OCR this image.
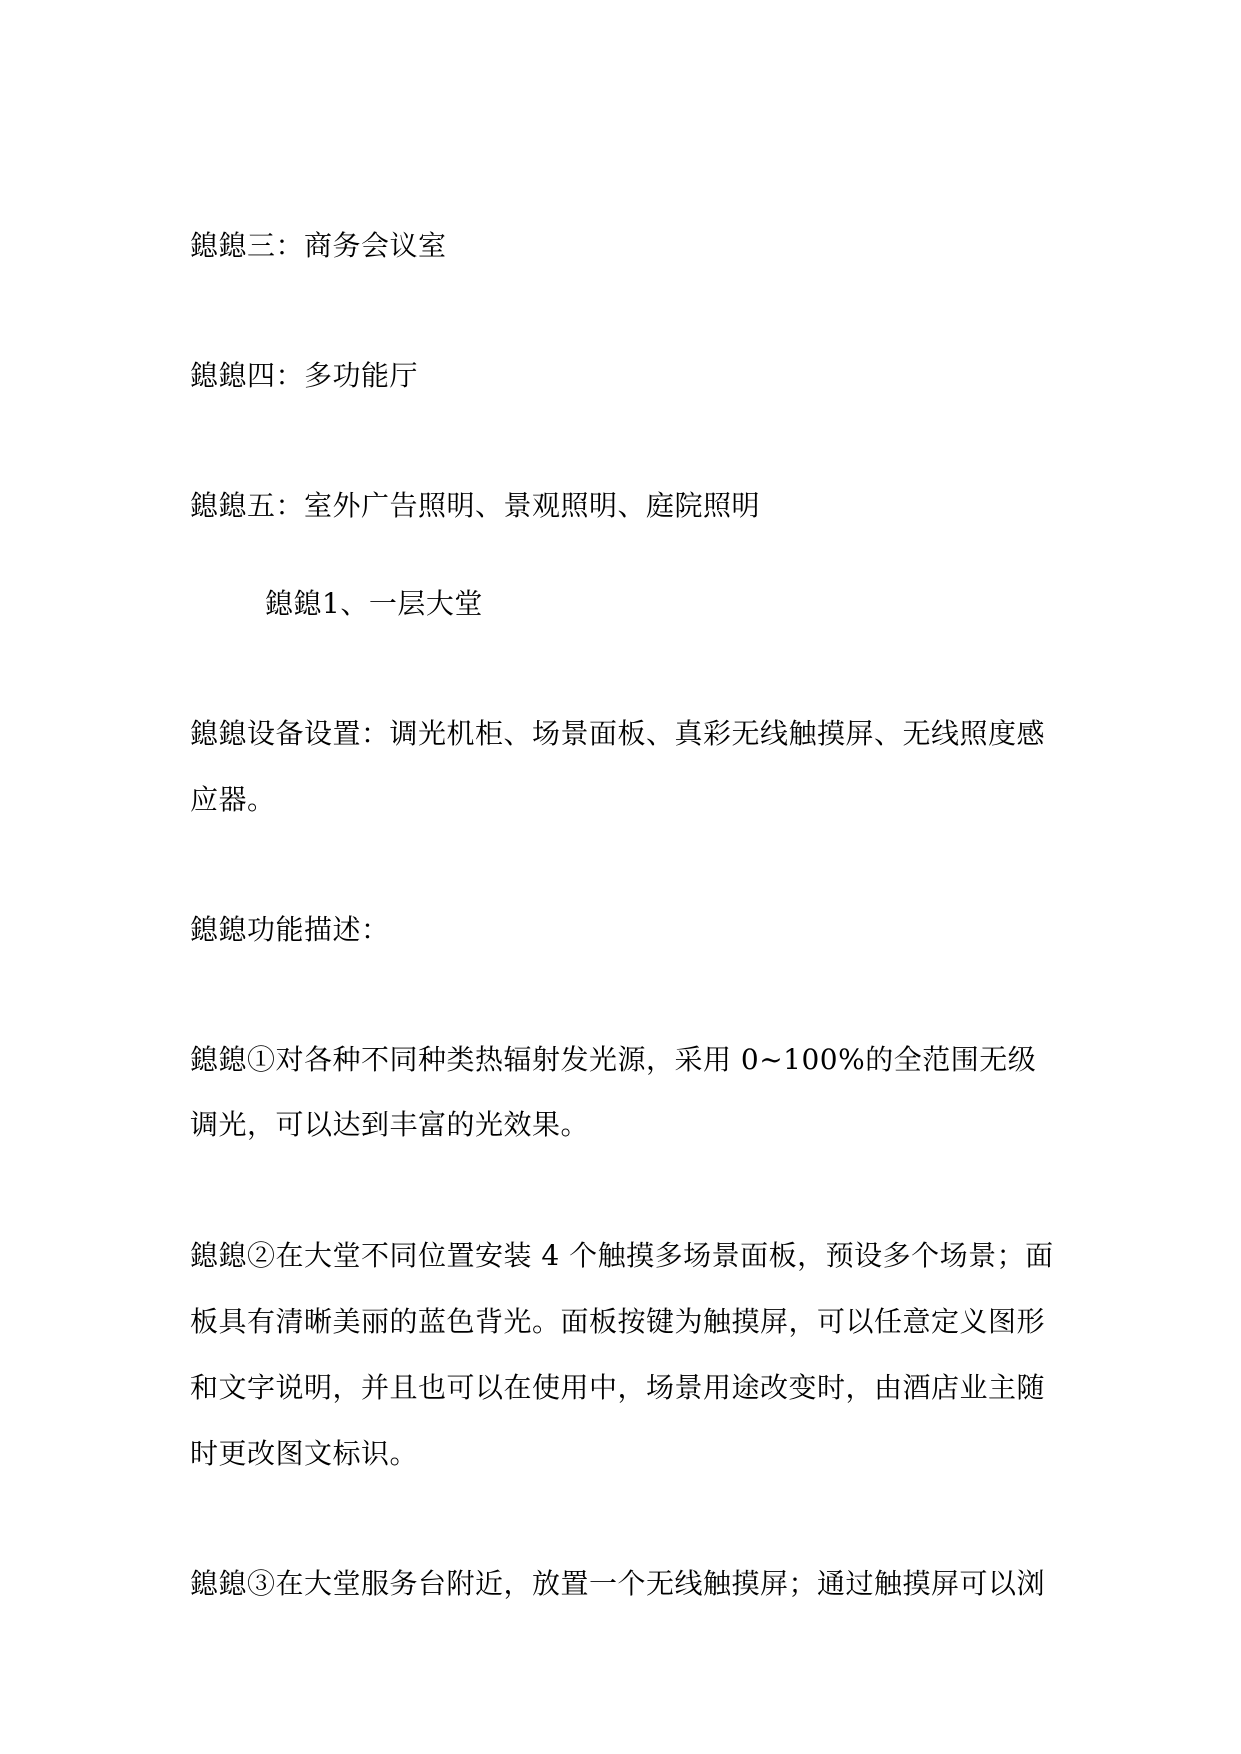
鎴鎴三：商务会议室

鎴鎴四：多功能厅

鎴鎴五：室外广告照明、景观照明、庭院照明

鎴鎴1、一层大堂

鎴鎴设备设置：调光机柜、场景面板、真彩无线触摸屏、无线照度感

应器。

鎴鎴功能描述：

鎴鎴①对各种不同种类热辐射发光源，采用 0~100%的全范围无级

调光，可以达到丰富的光效果。

鎴鎴②在大堂不同位置安装 4 个触摸多场景面板，预设多个场景；面

板具有清晰美丽的蓝色背光。面板按键为触摸屏，可以任意定义图形

和文字说明，并且也可以在使用中，场景用途改变时，由酒店业主随

时更改图文标识。

鎴鎴③在大堂服务台附近，放置一个无线触摸屏；通过触摸屏可以浏
